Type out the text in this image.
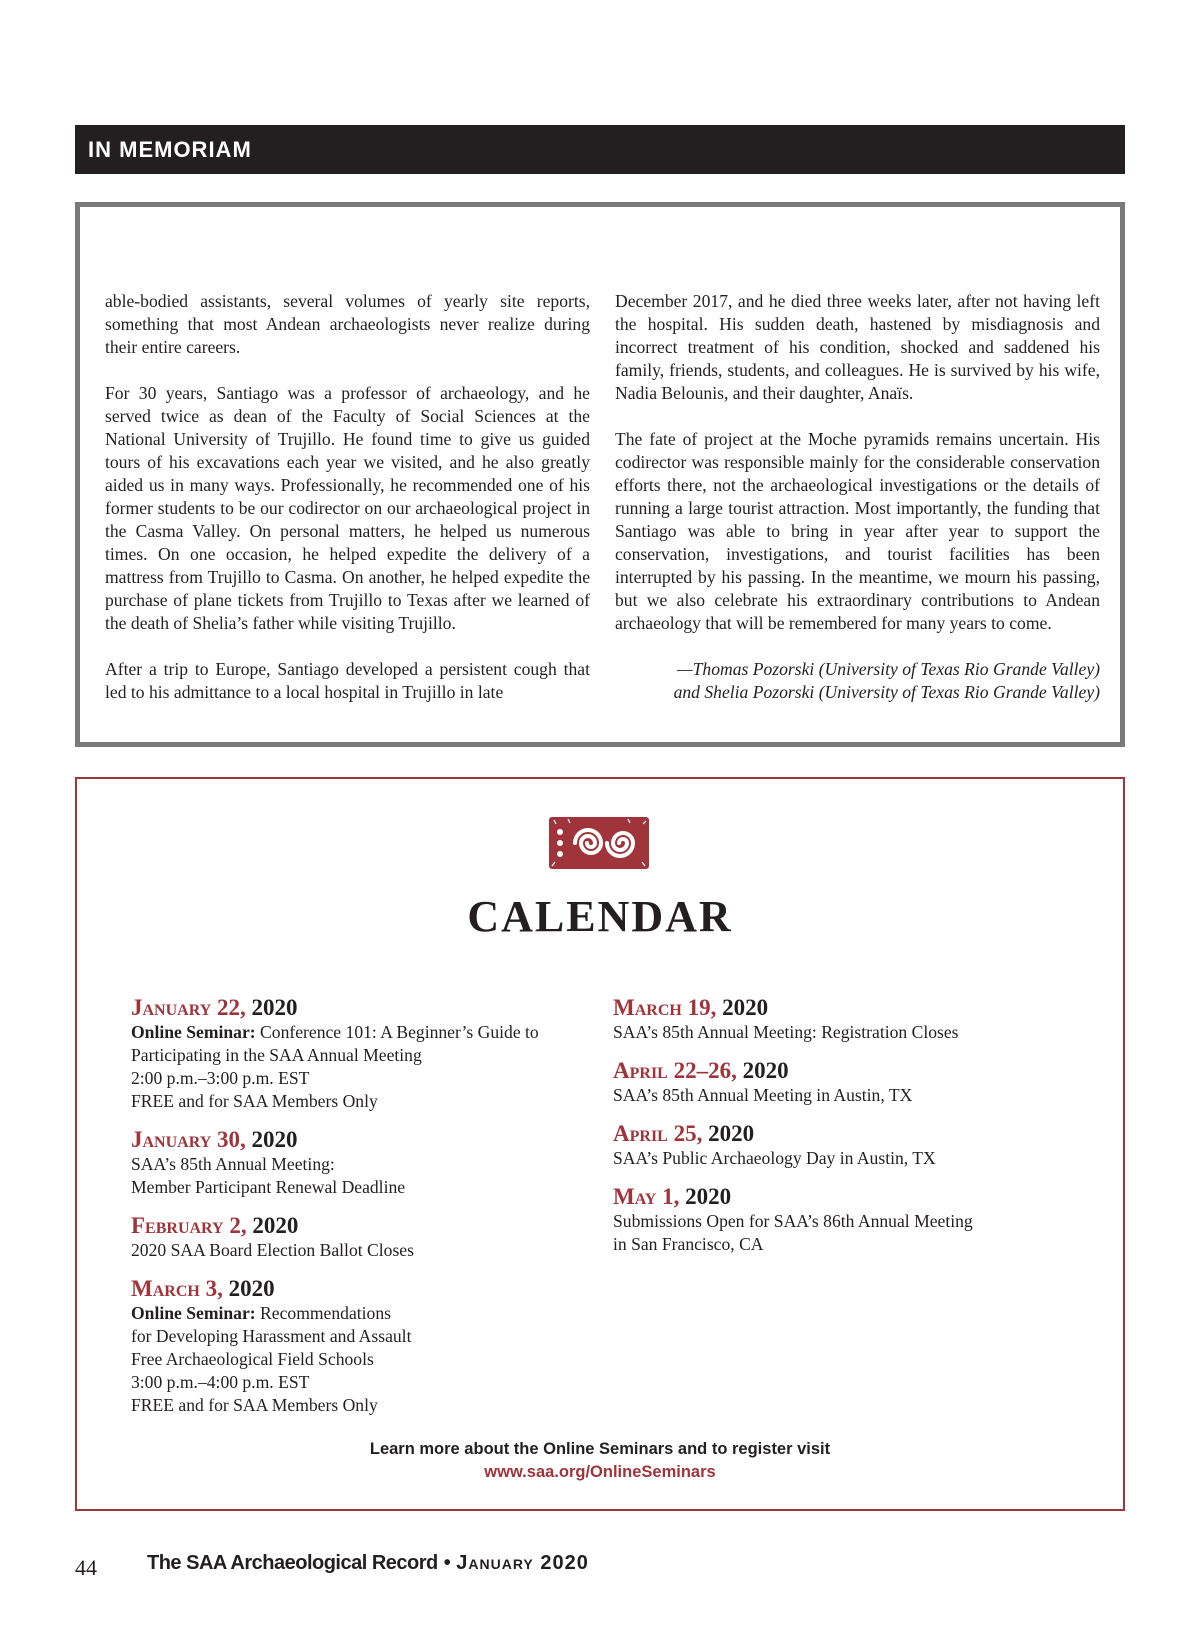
IN MEMORIAM

able-bodied assistants, several volumes of yearly site reports, something that most Andean archaeologists never realize during their entire careers.

For 30 years, Santiago was a professor of archaeology, and he served twice as dean of the Faculty of Social Sciences at the National University of Trujillo. He found time to give us guided tours of his excavations each year we visited, and he also greatly aided us in many ways. Professionally, he recommended one of his former students to be our codirector on our archaeological project in the Casma Valley. On personal matters, he helped us numerous times. On one occasion, he helped expedite the delivery of a mattress from Trujillo to Casma. On another, he helped expedite the purchase of plane tickets from Trujillo to Texas after we learned of the death of Shelia’s father while visiting Trujillo.

After a trip to Europe, Santiago developed a persistent cough that led to his admittance to a local hospital in Trujillo in late

December 2017, and he died three weeks later, after not having left the hospital. His sudden death, hastened by misdiagnosis and incorrect treatment of his condition, shocked and saddened his family, friends, students, and colleagues. He is survived by his wife, Nadia Belounis, and their daughter, Anaïs.

The fate of project at the Moche pyramids remains uncertain. His codirector was responsible mainly for the considerable conservation efforts there, not the archaeological investigations or the details of running a large tourist attraction. Most importantly, the funding that Santiago was able to bring in year after year to support the conservation, investigations, and tourist facilities has been interrupted by his passing. In the meantime, we mourn his passing, but we also celebrate his extraordinary contributions to Andean archaeology that will be remembered for many years to come.

—Thomas Pozorski (University of Texas Rio Grande Valley)
and Shelia Pozorski (University of Texas Rio Grande Valley)
CALENDAR
January 22, 2020

Online Seminar: Conference 101: A Beginner’s Guide to

Participating in the SAA Annual Meeting

2:00 p.m.–3:00 p.m. EST

FREE and for SAA Members Only

January 30, 2020

SAA’s 85th Annual Meeting:

Member Participant Renewal Deadline

February 2, 2020

2020 SAA Board Election Ballot Closes

March 3, 2020

Online Seminar: Recommendations

for Developing Harassment and Assault

Free Archaeological Field Schools

3:00 p.m.–4:00 p.m. EST

FREE and for SAA Members Only

March 19, 2020

SAA’s 85th Annual Meeting: Registration Closes

April 22–26, 2020

SAA’s 85th Annual Meeting in Austin, TX

April 25, 2020

SAA’s Public Archaeology Day in Austin, TX

May 1, 2020

Submissions Open for SAA’s 86th Annual Meeting

in San Francisco, CA

Learn more about the Online Seminars and to register visit
www.saa.org/OnlineSeminars
44	The SAA Archaeological Record • January 2020
